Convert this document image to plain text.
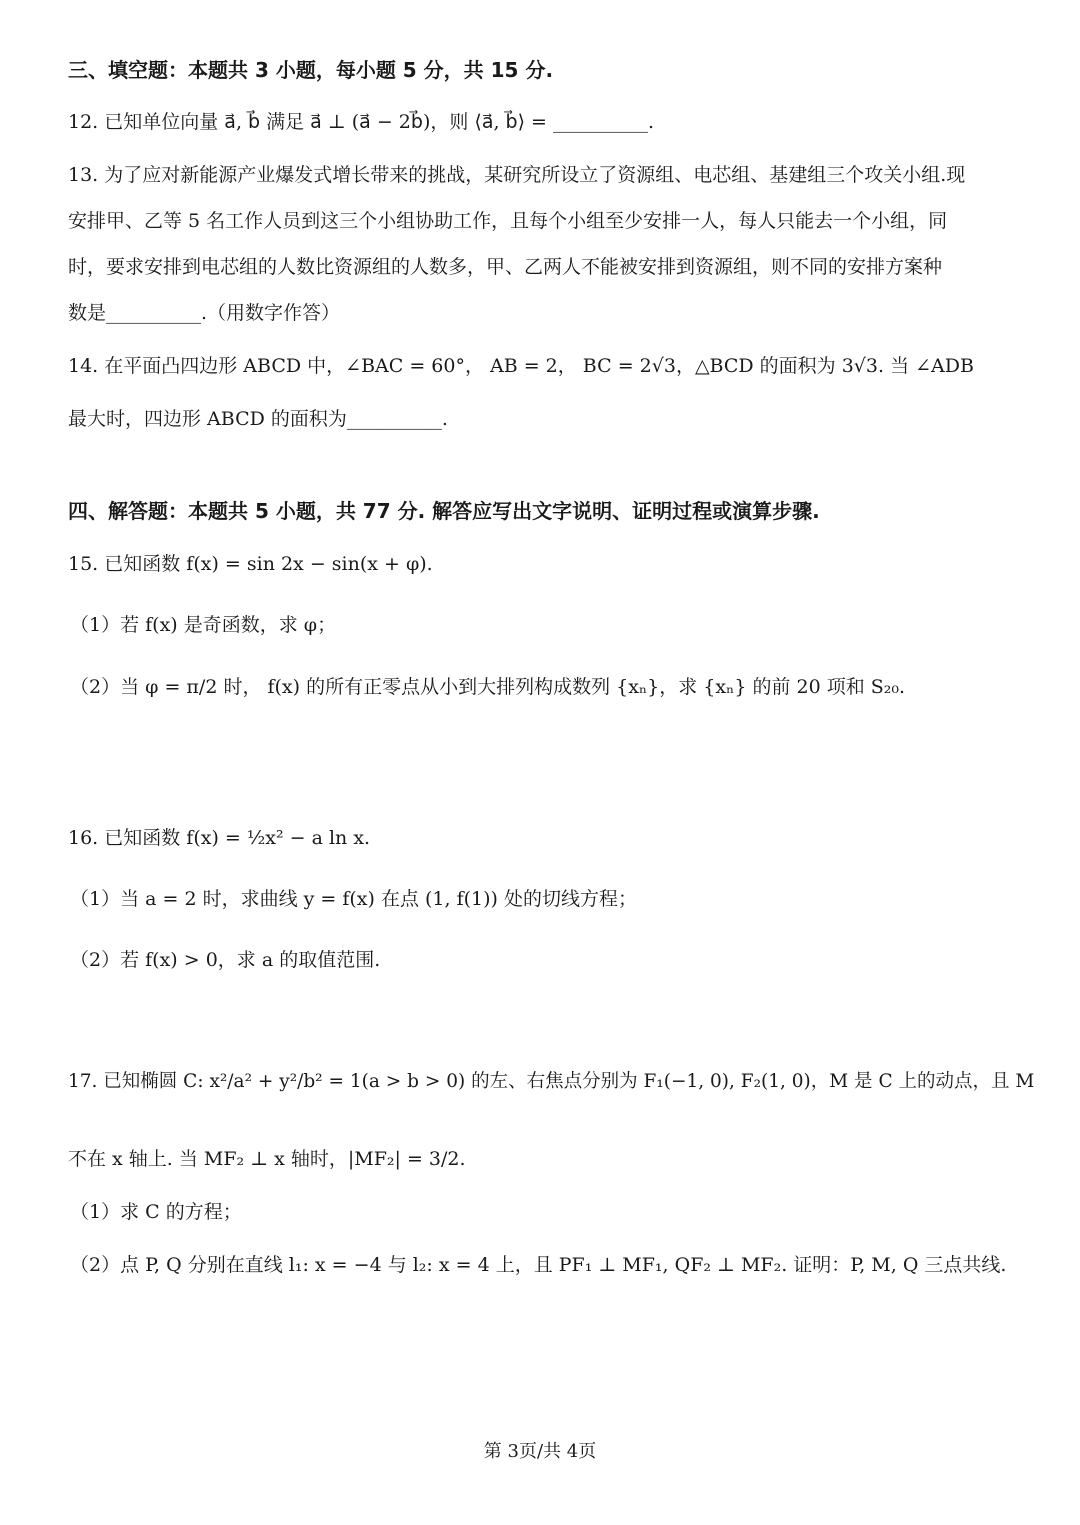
三、填空题：本题共 3 小题，每小题 5 分，共 15 分.
12. 已知单位向量 a⃗, b⃗ 满足 a⃗ ⊥ (a⃗ − 2b⃗)，则 ⟨a⃗, b⃗⟩ = __________.
13. 为了应对新能源产业爆发式增长带来的挑战，某研究所设立了资源组、电芯组、基建组三个攻关小组.现
安排甲、乙等 5 名工作人员到这三个小组协助工作，且每个小组至少安排一人，每人只能去一个小组，同
时，要求安排到电芯组的人数比资源组的人数多，甲、乙两人不能被安排到资源组，则不同的安排方案种
数是__________.（用数字作答）
14. 在平面凸四边形 ABCD 中，∠BAC = 60°， AB = 2， BC = 2√3，△BCD 的面积为 3√3. 当 ∠ADB
最大时，四边形 ABCD 的面积为__________.
四、解答题：本题共 5 小题，共 77 分. 解答应写出文字说明、证明过程或演算步骤.
15. 已知函数 f(x) = sin 2x − sin(x + φ).
（1）若 f(x) 是奇函数，求 φ；
（2）当 φ = π/2 时， f(x) 的所有正零点从小到大排列构成数列 {xₙ}，求 {xₙ} 的前 20 项和 S₂₀.
16. 已知函数 f(x) = ½x² − a ln x.
（1）当 a = 2 时，求曲线 y = f(x) 在点 (1, f(1)) 处的切线方程；
（2）若 f(x) > 0，求 a 的取值范围.
17. 已知椭圆 C: x²/a² + y²/b² = 1(a > b > 0) 的左、右焦点分别为 F₁(−1, 0), F₂(1, 0)，M 是 C 上的动点，且 M
不在 x 轴上. 当 MF₂ ⊥ x 轴时，|MF₂| = 3/2.
（1）求 C 的方程；
（2）点 P, Q 分别在直线 l₁: x = −4 与 l₂: x = 4 上，且 PF₁ ⊥ MF₁, QF₂ ⊥ MF₂. 证明：P, M, Q 三点共线.
第 3页/共 4页
